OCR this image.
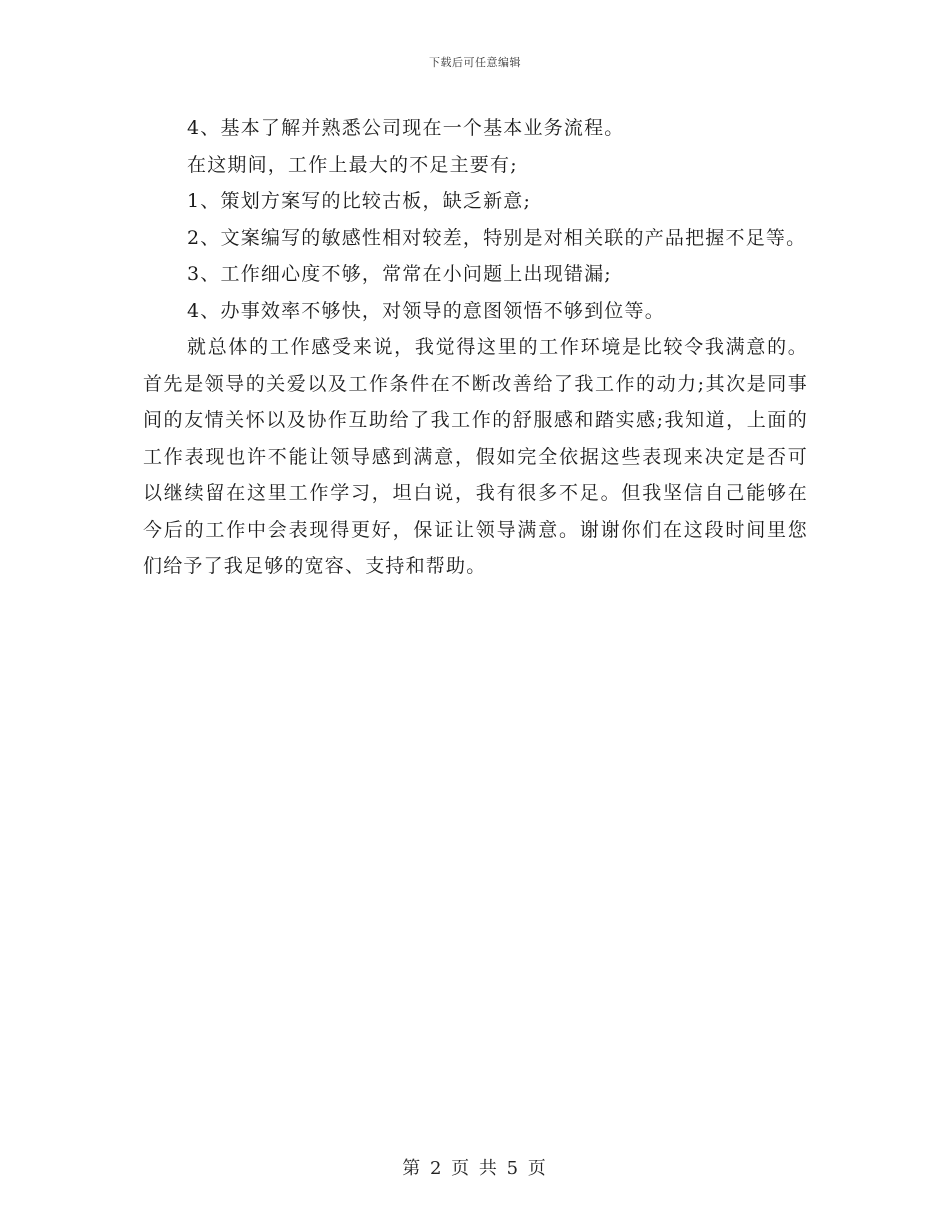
下载后可任意编辑

4、基本了解并熟悉公司现在一个基本业务流程。

在这期间，工作上最大的不足主要有;

1、策划方案写的比较古板，缺乏新意;

2、文案编写的敏感性相对较差，特别是对相关联的产品把握不足等。

3、工作细心度不够，常常在小问题上出现错漏;

4、办事效率不够快，对领导的意图领悟不够到位等。

就总体的工作感受来说，我觉得这里的工作环境是比较令我满意的。首先是领导的关爱以及工作条件在不断改善给了我工作的动力;其次是同事间的友情关怀以及协作互助给了我工作的舒服感和踏实感;我知道，上面的工作表现也许不能让领导感到满意，假如完全依据这些表现来决定是否可以继续留在这里工作学习，坦白说，我有很多不足。但我坚信自己能够在今后的工作中会表现得更好，保证让领导满意。谢谢你们在这段时间里您们给予了我足够的宽容、支持和帮助。

第 2 页 共 5 页
